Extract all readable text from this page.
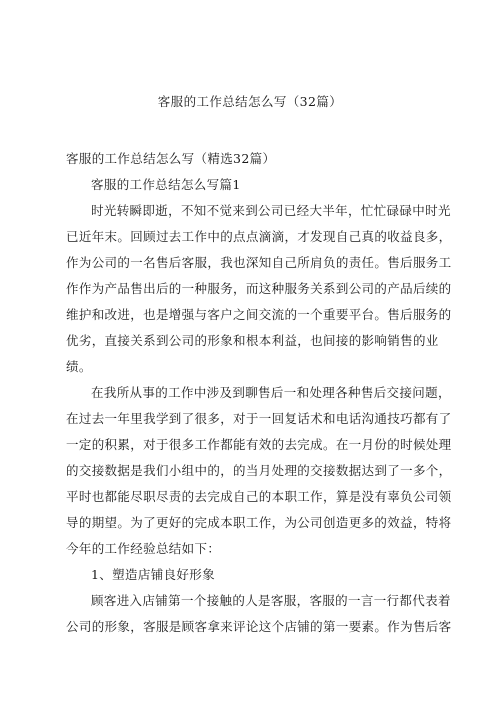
客服的工作总结怎么写（32篇）
客服的工作总结怎么写（精选32篇）
客服的工作总结怎么写篇1

时光转瞬即逝，不知不觉来到公司已经大半年，忙忙碌碌中时光已近年末。回顾过去工作中的点点滴滴，才发现自己真的收益良多，作为公司的一名售后客服，我也深知自己所肩负的责任。售后服务工作作为产品售出后的一种服务，而这种服务关系到公司的产品后续的维护和改进，也是增强与客户之间交流的一个重要平台。售后服务的优劣，直接关系到公司的形象和根本利益，也间接的影响销售的业绩。

在我所从事的工作中涉及到聊售后一和处理各种售后交接问题，在过去一年里我学到了很多，对于一回复话术和电话沟通技巧都有了一定的积累，对于很多工作都能有效的去完成。在一月份的时候处理的交接数据是我们小组中的，的当月处理的交接数据达到了一多个，平时也都能尽职尽责的去完成自己的本职工作，算是没有辜负公司领导的期望。为了更好的完成本职工作，为公司创造更多的效益，特将今年的工作经验总结如下：

1、塑造店铺良好形象

顾客进入店铺第一个接触的人是客服，客服的一言一行都代表着公司的形象，客服是顾客拿来评论这个店铺的第一要素。作为售后客
